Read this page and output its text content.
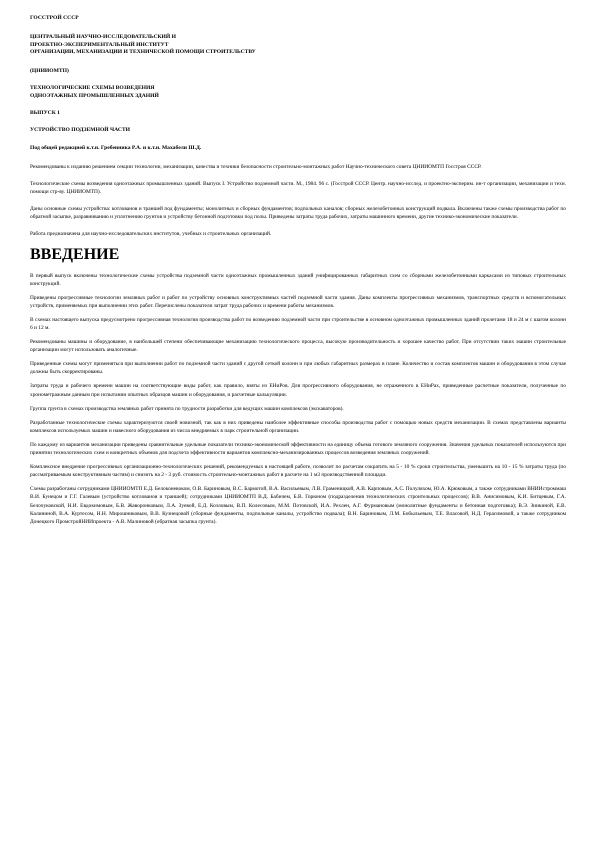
ГОССТРОЙ СССР

ЦЕНТРАЛЬНЫЙ НАУЧНО-ИССЛЕДОВАТЕЛЬСКИЙ И

ПРОЕКТНО-ЭКСПЕРИМЕНТАЛЬНЫЙ ИНСТИТУТ

ОРГАНИЗАЦИИ, МЕХАНИЗАЦИИ И ТЕХНИЧЕСКОЙ ПОМОЩИ СТРОИТЕЛЬСТВУ

(ЦНИИОМТП)

ТЕХНОЛОГИЧЕСКИЕ СХЕМЫ ВОЗВЕДЕНИЯ

ОДНОЭТАЖНЫХ ПРОМЫШЛЕННЫХ ЗДАНИЙ

ВЫПУСК 1

УСТРОЙСТВО ПОДЗЕМНОЙ ЧАСТИ

Под общей редакцией к.т.н. Гребенника Р.А. и к.т.н. Махабели Ш.Д.

Рекомендованы к изданию решением секции технологии, механизации, качества и техники безопасности строительно-монтажных работ Научно-технического совета ЦНИИОМТП Госстроя СССР.

Технологические схемы возведения одноэтажных промышленных зданий. Выпуск I. Устройство подземной части. М., 1984. 96 с. (Госстрой СССР. Центр. научно-исслед. и проектно-эксперим. ин-т организации, механизации и техн. помощи стр-ву. ЦНИИОМТП).

Даны основные схемы устройства: котлованов и траншей под фундаменты; монолитных и сборных фундаментов; подпольных каналов; сборных железобетонных конструкций подвала. Включены также схемы производства работ по обратной засыпке, разравниванию и уплотнению грунтов и устройству бетонной подготовки под полы. Приведены затраты труда рабочих, затраты машинного времени, другие технико-экономические показатели.

Работа предназначена для научно-исследовательских институтов, учебных и строительных организаций.

ВВЕДЕНИЕ

В первый выпуск включены технологические схемы устройства подземной части одноэтажных промышленных зданий унифицированных габаритных схем со сборными железобетонными каркасами из типовых строительных конструкций.

Приведены прогрессивные технологии земляных работ и работ по устройству основных конструктивных частей подземной части здания. Даны комплекты прогрессивных механизмов, транспортных средств и вспомогательных устройств, применяемых при выполнении этих работ. Перечислены показатели затрат труда рабочих и времени работы механизмов.

В схемах настоящего выпуска предусмотрено прогрессивная технология производства работ по возведению подземной части при строительстве в основном одноэтажных промышленных зданий пролетами 18 и 24 м с шагом колонн 6 и 12 м.

Рекомендованы машины и оборудование, в наибольшей степени обеспечивающие механизацию технологического процесса, высокую производительность и хорошее качество работ. При отсутствии таких машин строительные организации могут использовать аналогичные.

Приведенные схемы могут применяться при выполнении работ по подземной части зданий с другой сеткой колонн и при любых габаритных размерах в плане. Количество и состав комплектов машин и оборудования в этом случае должны быть скорректированы.

Затраты труда и рабочего времени машин на соответствующие виды работ, как правило, взяты из ЕНиРов. Для прогрессивного оборудования, не отраженного в ЕНиРах, приведенные расчетные показатели, полученные по хронометражным данным при испытании опытных образцов машин и оборудования, и расчетные калькуляции.

Группа грунта в схемах производства земляных работ принята по трудности разработки для ведущих машин комплексов (экскаваторов).

Разработанные технологические схемы характеризуются своей новизной, так как в них приведены наиболее эффективные способы производства работ с помощью новых средств механизации. В схемах представлены варианты комплексов используемых машин и навесного оборудования из числа внедряемых в парк строительной организации.

По каждому из вариантов механизации приведены сравнительные удельные показатели технико-экономической эффективности на единицу объема готового земляного сооружения. Значения удельных показателей используются при принятии технологических схем и конкретных объемов для подсчета эффективности вариантов комплексно-механизированных процессов возведения земляных сооружений.

Комплексное внедрение прогрессивных организационно-технологических решений, рекомендуемых в настоящей работе, позволит по расчетам сократить на 5 - 10 % сроки строительства, уменьшить на 10 - 15 % затраты труда (по рассматриваемым конструктивным частям) и снизить на 2 - 3 руб. стоимость строительно-монтажных работ в расчете на 1 м3 производственной площади.

Схемы разработаны сотрудниками ЦНИИОМТП Е.Д. Белоконевоком, О.В. Бариновым, В.С. Бармотой, В.А. Васильевым, Л.В. Граменицкой, А.В. Карповым, А.С. Полуляхом, Ю.А. Крюковым, а также сотрудниками ВНИИстроммаш В.И. Бунецом и Г.Г. Галевым (устройство котлованов и траншей); сотрудниками ЦНИИОМТП В.Д. Бабичем, Б.В. Горюном (подразделения технологических строительных процессов); В.В. Анисимовым, К.И. Битцевым, Г.А. Белочуковской, Н.И. Евдокимовым, Б.В. Жаворонковым, Л.А. Зуевой, Е.Д. Козловым, В.П. Колесовым, М.М. Потовской, И.А. Рехлен, А.Г. Фурмановым (монолитные фундаменты и бетонная подготовка); В.Э. Зинкиной, Е.В. Калининой, В.А. Куртесом, Н.Н. Мирошниковым, В.В. Кузнецовой (сборные фундаменты, подпольные каналы, устройство подвала); В.Н. Бариновым, Л.М. Бобыльевым, Т.Е. Власовой, Н.Д. Герасимовой, а также сотрудником Донецкого ПромстройНИИпроекта - А.В. Малиновой (обратная засыпка грунта).
